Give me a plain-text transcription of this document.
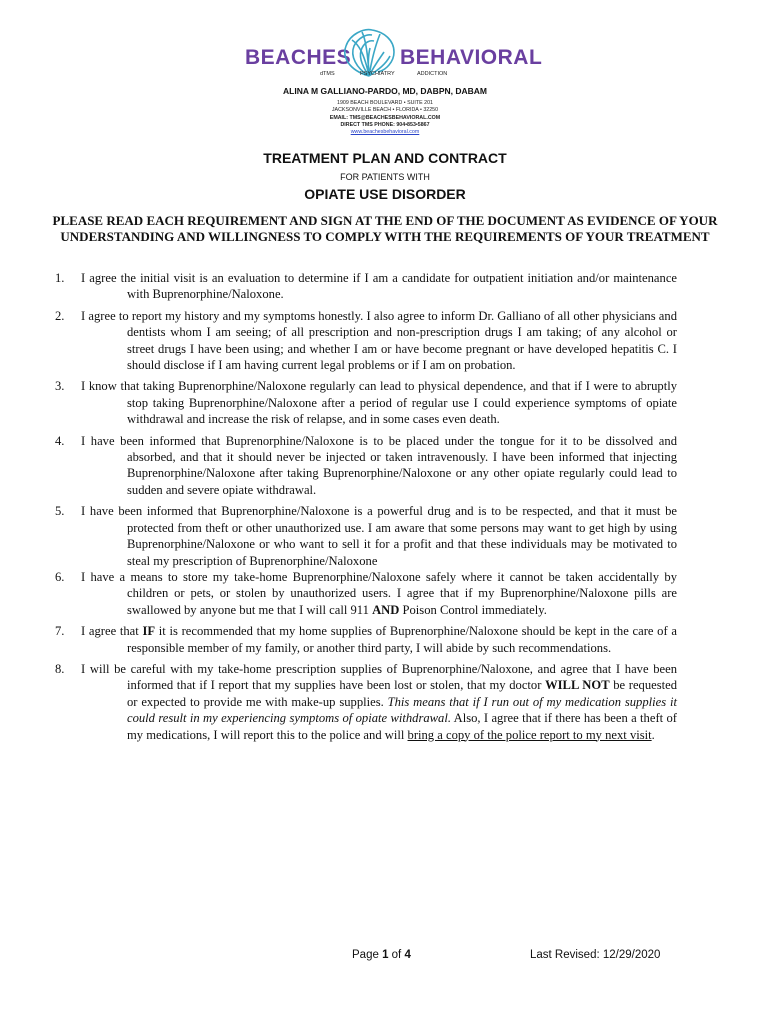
BEACHES BEHAVIORAL
dTMS	PSYCHIATRY	ADDICTION
ALINA M GALLIANO-PARDO, MD, DABPN, DABAM
1909 BEACH BOULEVARD • SUITE 201
JACKSONVILLE BEACH • FLORIDA • 32250
EMAIL: TMS@BEACHESBEHAVIORAL.COM
DIRECT TMS PHONE: 904•853•5867
www.beachesbehavioral.com
TREATMENT PLAN AND CONTRACT
FOR PATIENTS WITH
OPIATE USE DISORDER
PLEASE READ EACH REQUIREMENT AND SIGN AT THE END OF THE DOCUMENT AS EVIDENCE OF YOUR UNDERSTANDING AND WILLINGNESS TO COMPLY WITH THE REQUIREMENTS OF YOUR TREATMENT
1. I agree the initial visit is an evaluation to determine if I am a candidate for outpatient initiation and/or maintenance with Buprenorphine/Naloxone.
2. I agree to report my history and my symptoms honestly. I also agree to inform Dr. Galliano of all other physicians and dentists whom I am seeing; of all prescription and non-prescription drugs I am taking; of any alcohol or street drugs I have been using; and whether I am or have become pregnant or have developed hepatitis C. I should disclose if I am having current legal problems or if I am on probation.
3. I know that taking Buprenorphine/Naloxone regularly can lead to physical dependence, and that if I were to abruptly stop taking Buprenorphine/Naloxone after a period of regular use I could experience symptoms of opiate withdrawal and increase the risk of relapse, and in some cases even death.
4. I have been informed that Buprenorphine/Naloxone is to be placed under the tongue for it to be dissolved and absorbed, and that it should never be injected or taken intravenously. I have been informed that injecting Buprenorphine/Naloxone after taking Buprenorphine/Naloxone or any other opiate regularly could lead to sudden and severe opiate withdrawal.
5. I have been informed that Buprenorphine/Naloxone is a powerful drug and is to be respected, and that it must be protected from theft or other unauthorized use. I am aware that some persons may want to get high by using Buprenorphine/Naloxone or who want to sell it for a profit and that these individuals may be motivated to steal my prescription of Buprenorphine/Naloxone
6. I have a means to store my take-home Buprenorphine/Naloxone safely where it cannot be taken accidentally by children or pets, or stolen by unauthorized users. I agree that if my Buprenorphine/Naloxone pills are swallowed by anyone but me that I will call 911 AND Poison Control immediately.
7. I agree that IF it is recommended that my home supplies of Buprenorphine/Naloxone should be kept in the care of a responsible member of my family, or another third party, I will abide by such recommendations.
8. I will be careful with my take-home prescription supplies of Buprenorphine/Naloxone, and agree that I have been informed that if I report that my supplies have been lost or stolen, that my doctor WILL NOT be requested or expected to provide me with make-up supplies. This means that if I run out of my medication supplies it could result in my experiencing symptoms of opiate withdrawal. Also, I agree that if there has been a theft of my medications, I will report this to the police and will bring a copy of the police report to my next visit.
Page 1 of 4	Last Revised: 12/29/2020
